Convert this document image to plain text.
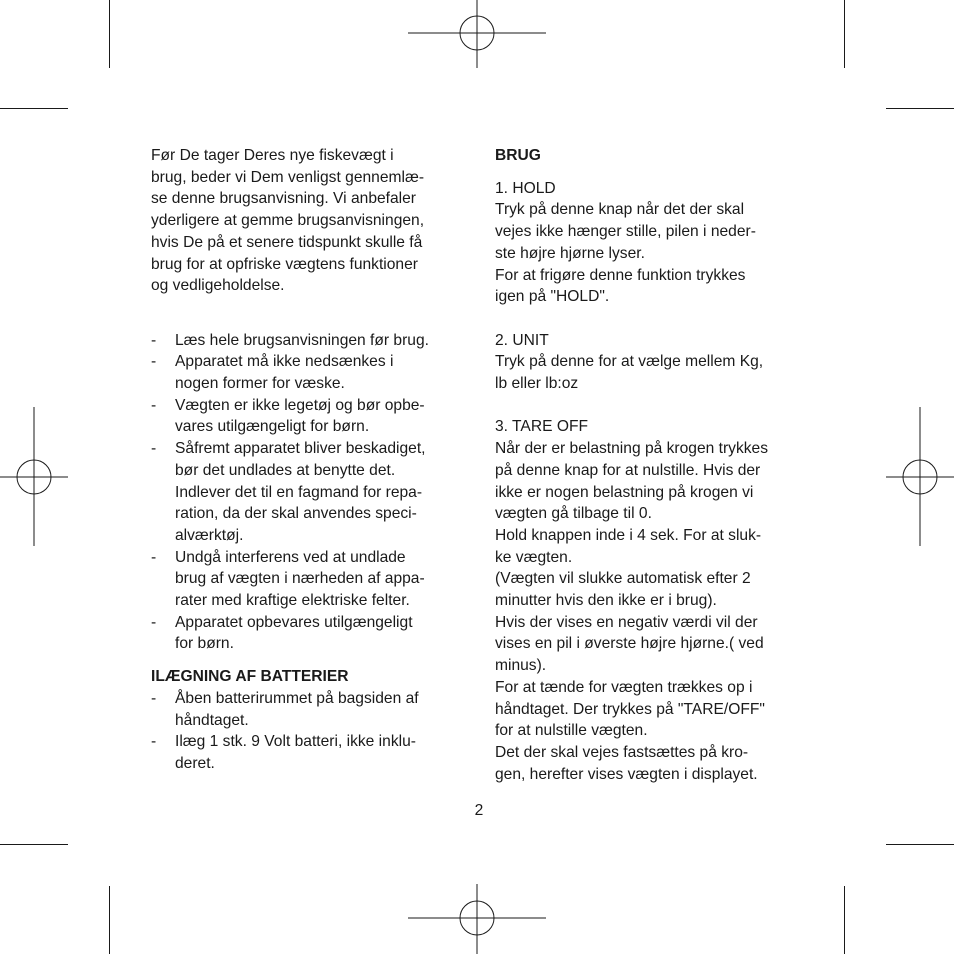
Før De tager Deres nye fiskevægt i
brug, beder vi Dem venligst gennemlæ-
se denne brugsanvisning. Vi anbefaler
yderligere at gemme brugsanvisningen,
hvis De på et senere tidspunkt skulle få
brug for at opfriske vægtens funktioner
og vedligeholdelse.

- Læs hele brugsanvisningen før brug.
- Apparatet må ikke nedsænkes i
nogen former for væske.
- Vægten er ikke legetøj og bør opbe-
vares utilgængeligt for børn.
- Såfremt apparatet bliver beskadiget,
bør det undlades at benytte det.
Indlever det til en fagmand for repa-
ration, da der skal anvendes speci-
alværktøj.
- Undgå interferens ved at undlade
brug af vægten i nærheden af appa-
rater med kraftige elektriske felter.
- Apparatet opbevares utilgængeligt
for børn.

ILÆGNING AF BATTERIER

- Åben batterirummet på bagsiden af
håndtaget.
- Ilæg 1 stk. 9 Volt batteri, ikke inklu-
deret.

BRUG

1. HOLD

Tryk på denne knap når det der skal
vejes ikke hænger stille, pilen i neder-
ste højre hjørne lyser.
For at frigøre denne funktion trykkes
igen på "HOLD".

2. UNIT

Tryk på denne for at vælge mellem Kg,
lb eller lb:oz

3. TARE OFF

Når der er belastning på krogen trykkes
på denne knap for at nulstille. Hvis der
ikke er nogen belastning på krogen vi
vægten gå tilbage til 0.
Hold knappen inde i 4 sek. For at sluk-
ke vægten.
(Vægten vil slukke automatisk efter 2
minutter hvis den ikke er i brug).
Hvis der vises en negativ værdi vil der
vises en pil i øverste højre hjørne.( ved
minus).
For at tænde for vægten trækkes op i
håndtaget. Der trykkes på "TARE/OFF"
for at nulstille vægten.
Det der skal vejes fastsættes på kro-
gen, herefter vises vægten i displayet.

2
